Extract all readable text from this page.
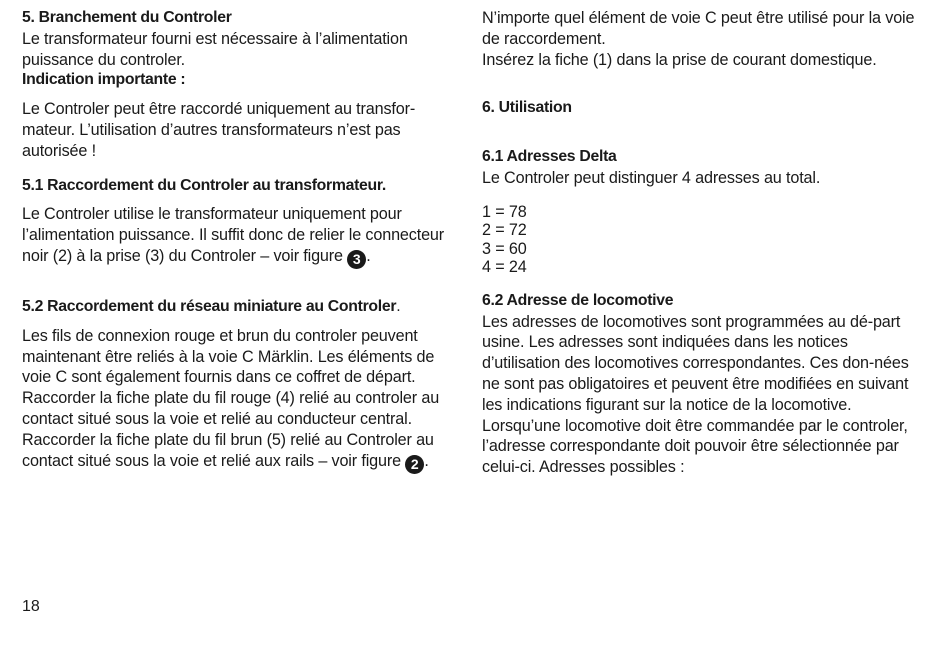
5. Branchement du Controler
Le transformateur fourni est nécessaire à l’alimentation puissance du controler.
Indication importante :
Le Controler peut être raccordé uniquement au transfor-mateur. L’utilisation d’autres transformateurs n’est pas autorisée !
5.1 Raccordement du Controler au transformateur.
Le Controler utilise le transformateur uniquement pour l’alimentation puissance. Il suffit donc de relier le connecteur noir (2) à la prise (3) du Controler – voir figure 3 .
5.2 Raccordement du réseau miniature au Controler.
Les fils de connexion rouge et brun du controler peuvent maintenant être reliés à la voie C Märklin. Les éléments de voie C sont également fournis dans ce coffret de départ.
Raccorder la fiche plate du fil rouge (4) relié au controler au contact situé sous la voie et relié au conducteur central. Raccorder la fiche plate du fil brun (5) relié au Controler au contact situé sous la voie et relié aux rails – voir figure 2 .
N’importe quel élément de voie C peut être utilisé pour la voie de raccordement.
Insérez la fiche (1) dans la prise de courant domestique.
6. Utilisation
6.1 Adresses Delta
Le Controler peut distinguer 4 adresses au total.
1 = 78
2 = 72
3 = 60
4 = 24
6.2 Adresse de locomotive
Les adresses de locomotives sont programmées au dé-part usine. Les adresses sont indiquées dans les notices d’utilisation des locomotives correspondantes. Ces don-nées ne sont pas obligatoires et peuvent être modifiées en suivant les indications figurant sur la notice de la locomotive. Lorsqu’une locomotive doit être commandée par le controler, l’adresse correspondante doit pouvoir être sélectionnée par celui-ci. Adresses possibles :
18
